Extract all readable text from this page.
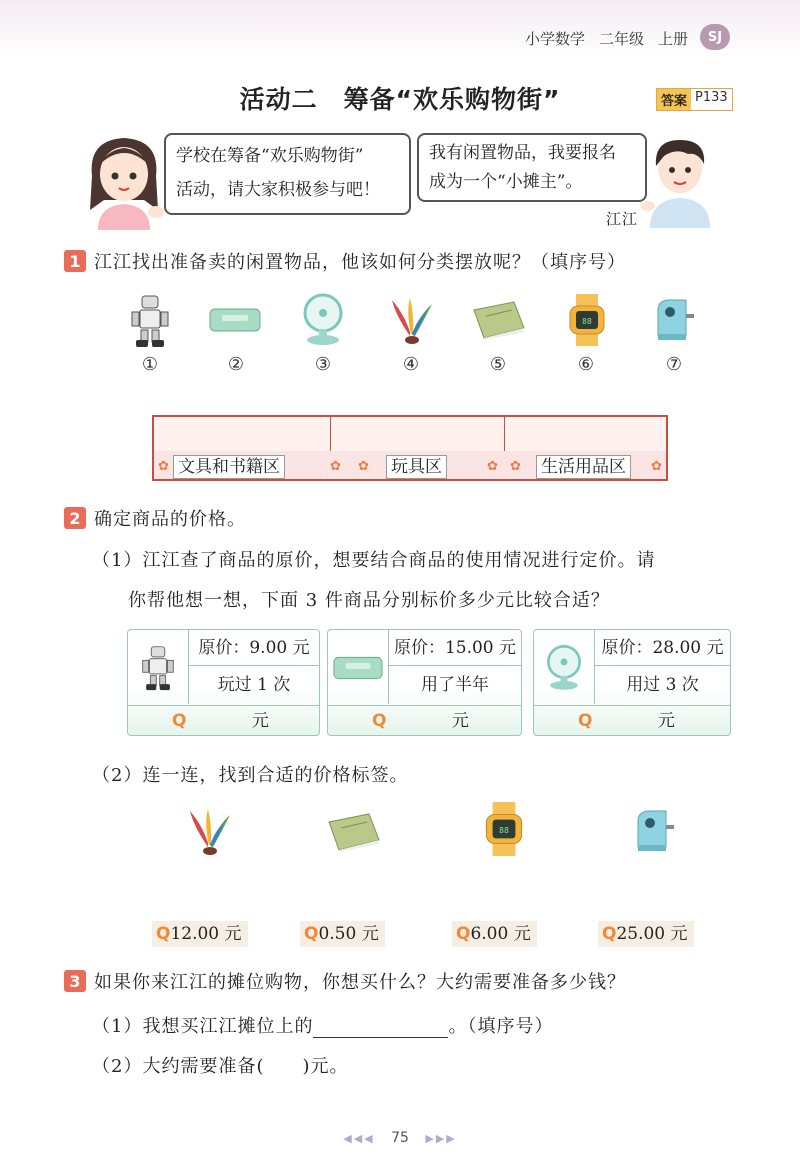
小学数学 二年级 上册	SJ
活动二　筹备“欢乐购物街”	答案 P133
学校在筹备“欢乐购物街”
活动，请大家积极参与吧！
我有闲置物品，我要报名
成为一个“小摊主”。
江江
1 江江找出准备卖的闲置物品，他该如何分类摆放呢？（填序号）
88
①	②	③	④	⑤	⑥	⑦
✿ 文具和书籍区	✿ ✿ 玩具区	✿ ✿ 生活用品区	✿
2 确定商品的价格。
（1）江江查了商品的原价，想要结合商品的使用情况进行定价。请
你帮他想一想，下面 3 件商品分别标价多少元比较合适？
原价：9.00 元
玩过 1 次
Q	元
原价：15.00 元
用了半年
Q	元
原价：28.00 元
用过 3 次
Q	元
（2）连一连，找到合适的价格标签。
88
Q12.00 元	Q0.50 元	Q6.00 元	Q25.00 元
3 如果你来江江的摊位购物，你想买什么？大约需要准备多少钱？
（1）我想买江江摊位上的	。（填序号）
（2）大约需要准备(　　)元。
◀◀◀ 75 ▶▶▶
